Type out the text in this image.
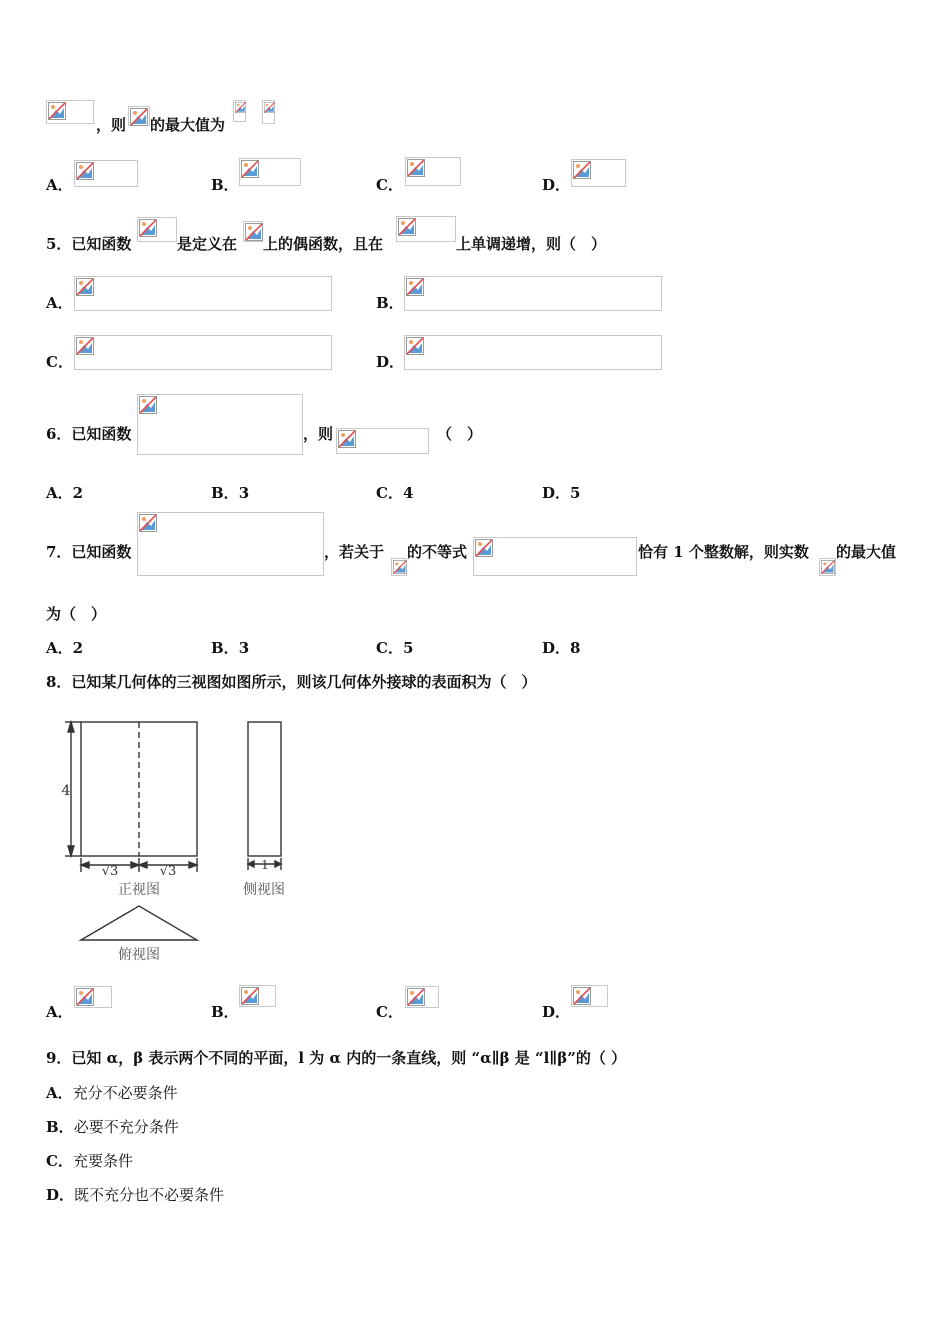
，则 的最大值为
A．	B．	C．	D．
5．已知函数	是定义在 上的偶函数，且在	上单调递增，则（　）
A．	B．
C．	D．
6．已知函数	，则	（　）
A．2	B．3	C．4	D．5
7．已知函数	，若关于 的不等式	恰有 1 个整数解，则实数 的最大值
为（　）
A．2	B．3	C．5	D．8
8．已知某几何体的三视图如图所示，则该几何体外接球的表面积为（　）
4
√3	√3
正视图
1
侧视图
俯视图
A．	B．	C．	D．
9．已知 α，β 表示两个不同的平面，l 为 α 内的一条直线，则 “α∥β 是 “l∥β”的（ ）
A．充分不必要条件
B．必要不充分条件
C．充要条件
D．既不充分也不必要条件
